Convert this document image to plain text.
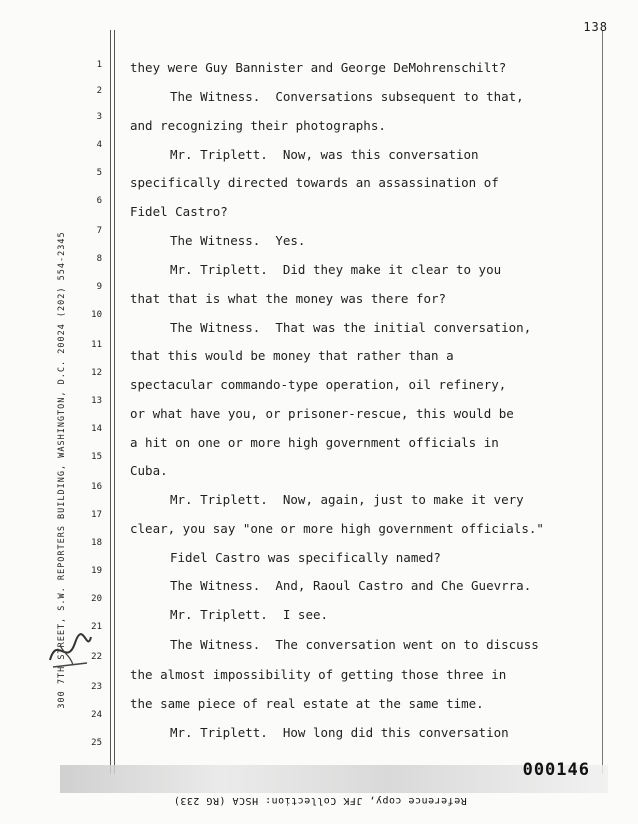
138
300 7TH STREET, S.W. REPORTERS BUILDING, WASHINGTON, D.C. 20024 (202) 554-2345
1
2
3
4
5
6
7
8
9
10
11
12
13
14
15
16
17
18
19
20
21
22
23
24
25
they were Guy Bannister and George DeMohrenschilt?
The Witness.  Conversations subsequent to that,
and recognizing their photographs.
Mr. Triplett.  Now, was this conversation
specifically directed towards an assassination of
Fidel Castro?
The Witness.  Yes.
Mr. Triplett.  Did they make it clear to you
that that is what the money was there for?
The Witness.  That was the initial conversation,
that this would be money that rather than a
spectacular commando-type operation, oil refinery,
or what have you, or prisoner-rescue, this would be
a hit on one or more high government officials in
Cuba.
Mr. Triplett.  Now, again, just to make it very
clear, you say "one or more high government officials."
Fidel Castro was specifically named?
The Witness.  And, Raoul Castro and Che Guevrra.
Mr. Triplett.  I see.
The Witness.  The conversation went on to discuss
the almost impossibility of getting those three in
the same piece of real estate at the same time.
Mr. Triplett.  How long did this conversation
000146
Reference copy, JFK Collection: HSCA (RG 233)
